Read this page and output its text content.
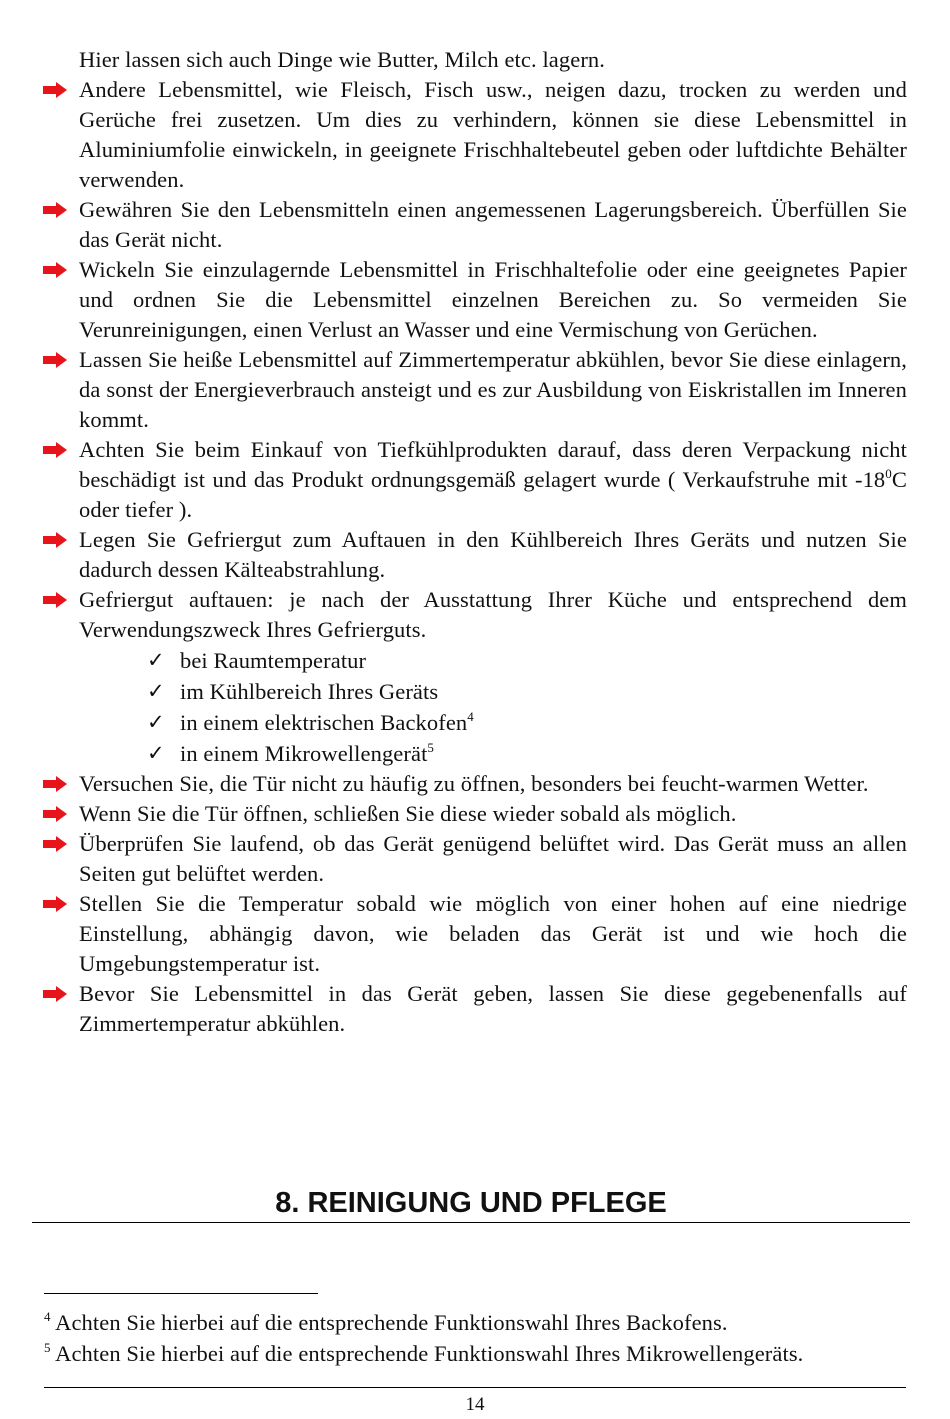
Hier lassen sich auch Dinge wie Butter, Milch etc. lagern.

Andere Lebensmittel, wie Fleisch, Fisch usw., neigen dazu, trocken zu werden und Gerüche frei zusetzen. Um dies zu verhindern, können sie diese Lebensmittel in Aluminiumfolie einwickeln, in geeignete Frischhaltebeutel geben oder luftdichte Behälter verwenden.

Gewähren Sie den Lebensmitteln einen angemessenen Lagerungsbereich. Überfüllen Sie das Gerät nicht.

Wickeln Sie einzulagernde Lebensmittel in Frischhaltefolie oder eine geeignetes Papier und ordnen Sie die Lebensmittel einzelnen Bereichen zu. So vermeiden Sie Verunreinigungen, einen Verlust an Wasser und eine Vermischung von Gerüchen.

Lassen Sie heiße Lebensmittel auf Zimmertemperatur abkühlen, bevor Sie diese einlagern, da sonst der Energieverbrauch ansteigt und es zur Ausbildung von Eiskristallen im Inneren kommt.

Achten Sie beim Einkauf von Tiefkühlprodukten darauf, dass deren Verpackung nicht beschädigt ist und das Produkt ordnungsgemäß gelagert wurde ( Verkaufstruhe mit $-18^0C$ oder tiefer ).

Legen Sie Gefriergut zum Auftauen in den Kühlbereich Ihres Geräts und nutzen Sie dadurch dessen Kälteabstrahlung.

Gefriergut auftauen: je nach der Ausstattung Ihrer Küche und entsprechend dem Verwendungszweck Ihres Gefrierguts.

✓ bei Raumtemperatur
✓ im Kühlbereich Ihres Geräts
✓ in einem elektrischen Backofen$^4$
✓ in einem Mikrowellengerät$^5$

Versuchen Sie, die Tür nicht zu häufig zu öffnen, besonders bei feucht-warmen Wetter.

Wenn Sie die Tür öffnen, schließen Sie diese wieder sobald als möglich.

Überprüfen Sie laufend, ob das Gerät genügend belüftet wird. Das Gerät muss an allen Seiten gut belüftet werden.

Stellen Sie die Temperatur sobald wie möglich von einer hohen auf eine niedrige Einstellung, abhängig davon, wie beladen das Gerät ist und wie hoch die Umgebungstemperatur ist.

Bevor Sie Lebensmittel in das Gerät geben, lassen Sie diese gegebenenfalls auf Zimmertemperatur abkühlen.

8. REINIGUNG UND PFLEGE

$^4$ Achten Sie hierbei auf die entsprechende Funktionswahl Ihres Backofens.

$^5$ Achten Sie hierbei auf die entsprechende Funktionswahl Ihres Mikrowellengeräts.

14
